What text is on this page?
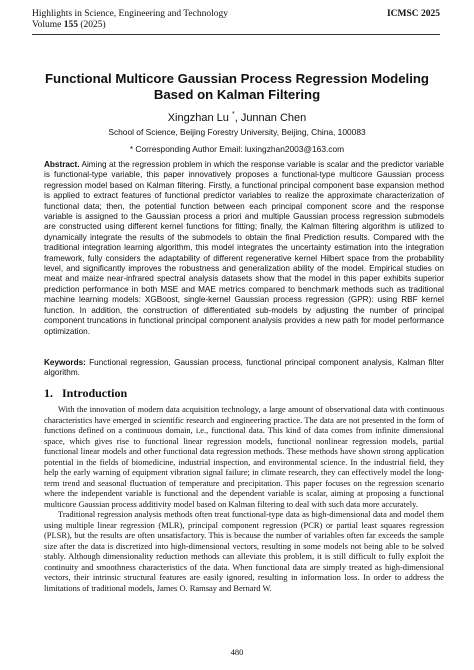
Highlights in Science, Engineering and Technology	ICMSC 2025
Volume 155 (2025)
Functional Multicore Gaussian Process Regression Modeling
Based on Kalman Filtering
Xingzhan Lu *, Junnan Chen
School of Science, Beijing Forestry University, Beijing, China, 100083
* Corresponding Author Email: luxingzhan2003@163.com
Abstract. Aiming at the regression problem in which the response variable is scalar and the predictor variable is functional-type variable, this paper innovatively proposes a functional-type multicore Gaussian process regression model based on Kalman filtering. Firstly, a functional principal component base expansion method is applied to extract features of functional predictor variables to realize the approximate characterization of functional data; then, the potential function between each principal component score and the response variable is assigned to the Gaussian process a priori and multiple Gaussian process regression submodels are constructed using different kernel functions for fitting; finally, the Kalman filtering algorithm is utilized to dynamically integrate the results of the submodels to obtain the final Prediction results. Compared with the traditional integration learning algorithm, this model integrates the uncertainty estimation into the integration framework, fully considers the adaptability of different regenerative kernel Hilbert space from the probability level, and significantly improves the robustness and generalization ability of the model. Empirical studies on meat and maize near-infrared spectral analysis datasets show that the model in this paper exhibits superior prediction performance in both MSE and MAE metrics compared to benchmark methods such as traditional machine learning models: XGBoost, single-kernel Gaussian process regression (GPR): using RBF kernel function. In addition, the construction of differentiated sub-models by adjusting the number of principal component truncations in functional principal component analysis provides a new path for model performance optimization.
Keywords: Functional regression, Gaussian process, functional principal component analysis, Kalman filter algorithm.
1. Introduction

With the innovation of modern data acquisition technology, a large amount of observational data with continuous characteristics have emerged in scientific research and engineering practice. The data are not presented in the form of functions defined on a continuous domain, i.e., functional data. This kind of data comes from infinite dimensional space, which gives rise to functional linear regression models, functional nonlinear regression models, partial functional linear models and other functional data regression methods. These methods have shown strong application potential in the fields of biomedicine, industrial inspection, and environmental science. In the industrial field, they help the early warning of equipment vibration signal failure; in climate research, they can effectively model the long-term trend and seasonal fluctuation of temperature and precipitation. This paper focuses on the regression scenario where the independent variable is functional and the dependent variable is scalar, aiming at proposing a functional multicore Gaussian process additivity model based on Kalman filtering to deal with such data more accurately.

Traditional regression analysis methods often treat functional-type data as high-dimensional data and model them using multiple linear regression (MLR), principal component regression (PCR) or partial least squares regression (PLSR), but the results are often unsatisfactory. This is because the number of variables often far exceeds the sample size after the data is discretized into high-dimensional vectors, resulting in some models not being able to be solved stably. Although dimensionality reduction methods can alleviate this problem, it is still difficult to fully exploit the continuity and smoothness characteristics of the data. When functional data are simply treated as high-dimensional vectors, their intrinsic structural features are easily ignored, resulting in information loss. In order to address the limitations of traditional models, James O. Ramsay and Bernard W.

480
